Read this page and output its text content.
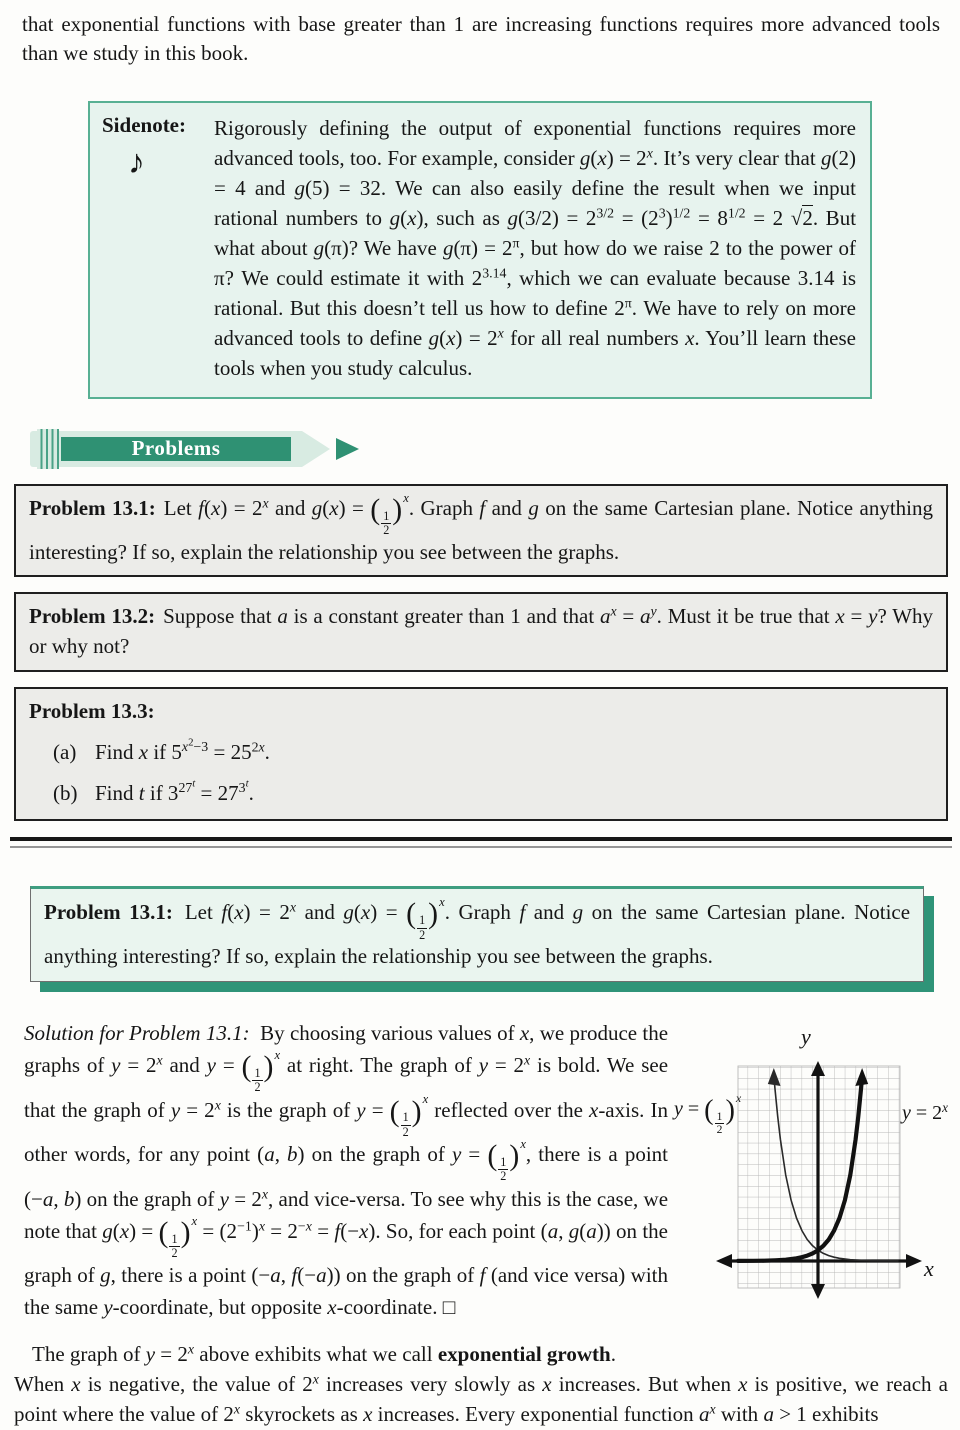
that exponential functions with base greater than 1 are increasing functions requires more advanced tools than we study in this book.
Sidenote:
♪
Rigorously defining the output of exponential functions requires more advanced tools, too. For example, consider $g(x) = 2^x$. It’s very clear that g(2) = 4 and g(5) = 32. We can also easily define the result when we input rational numbers to g(x), such as $g(3/2) = 2^{3/2} = (2^3)^{1/2} = 8^{1/2} = 2$ √2. But what about g(π)? We have $g(\pi) = 2^\pi$, but how do we raise 2 to the power of π? We could estimate it with $2^{3.14}$, which we can evaluate because 3.14 is rational. But this doesn’t tell us how to define $2^\pi$. We have to rely on more advanced tools to define $g(x) = 2^x$ for all real numbers x. You’ll learn these tools when you study calculus.
Problems
Problem 13.1: Let $f(x) = 2^x$ and g(x) = ( $\frac{1}{2} )^x$. Graph f and g on the same Cartesian plane. Notice anything interesting? If so, explain the relationship you see between the graphs.
Problem 13.2: Suppose that a is a constant greater than 1 and that $a^x = a^y$. Must it be true that x = y? Why or why not?
Problem 13.3:
(a) Find x if $5^{x^2-3} = 25^{2x}$.
(b) Find t if $3^{27^t} = 27^{3^t}$.
Problem 13.1: Let $f(x) = 2^x$ and g(x) = ( $\frac{1}{2} )^x$. Graph f and g on the same Cartesian plane. Notice anything interesting? If so, explain the relationship you see between the graphs.
Solution for Problem 13.1:  By choosing various values of x, we produce the graphs of $y = 2^x$ and y = ( $\frac{1}{2} )^x$ at right. The graph of $y = 2^x$ is bold. We see that the graph of $y = 2^x$ is the graph of y = ( $\frac{1}{2} )^x$ reflected over the x-axis. In other words, for any point (a, b) on the graph of y = ( $\frac{1}{2} )^x$, there is a point (−a, b) on the graph of $y = 2^x$, and vice-versa. To see why this is the case, we note that g(x) = ( $\frac{1}{2} )^x = (2^{-1})^x = 2^{-x} = f(-x)$. So, for each point (a, g(a)) on the graph of g, there is a point (−a, f(−a)) on the graph of f (and vice versa) with the same y-coordinate, but opposite x-coordinate. □
y
x
y = ( $\frac{1}{2} )^x$
$y = 2^x$
The graph of $y = 2^x$ above exhibits what we call exponential growth.
When x is negative, the value of 2$^x$ increases very slowly as x increases. But when x is positive, we reach a point where the value of 2$^x$ skyrockets as x increases. Every exponential function $a^x$ with a > 1 exhibits
